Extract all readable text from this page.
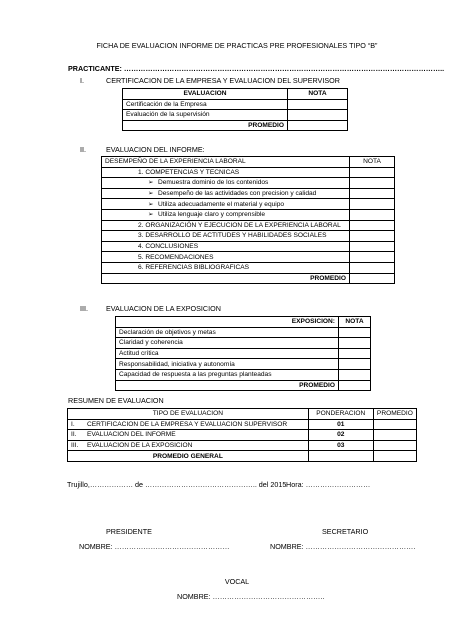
FICHA DE EVALUACION INFORME DE PRACTICAS PRE PROFESIONALES TIPO “B”
PRACTICANTE: ……………………………………………………………………………………………………………………..
I.	CERTIFICACION DE LA EMPRESA Y EVALUACION DEL SUPERVISOR
EVALUACION	NOTA
Certificación de la Empresa	
Evaluación de la supervisión	
PROMEDIO	
II.	EVALUACION DEL INFORME:
DESEMPEÑO DE LA EXPERIENCIA LABORAL	NOTA
1. COMPETENCIAS Y TECNICAS	
➢ Demuestra dominio de los contenidos	
➢ Desempeño de las actividades con precision y calidad	
➢ Utiliza adecuadamente el material y equipo	
➢ Utiliza lenguaje claro y comprensible	
2. ORGANIZACIÓN Y EJECUCION DE LA EXPERIENCIA LABORAL	
3. DESARROLLO DE ACTITUDES Y HABILIDADES SOCIALES	
4. CONCLUSIONES	
5. RECOMENDACIONES	
6. REFERENCIAS BIBLIOGRAFICAS	
PROMEDIO	
III.	EVALUACION DE LA EXPOSICION
EXPOSICION:	NOTA
Declaración de objetivos y metas	
Claridad y coherencia	
Actitud crítica	
Responsabilidad, iniciativa y autonomía	
Capacidad de respuesta a las preguntas planteadas	
PROMEDIO	
RESUMEN DE EVALUACION
TIPO DE EVALUACION		PONDERACION	PROMEDIO
I.	CERTIFICACION DE LA EMPRESA Y EVALUACION SUPERVISOR	01	
II.	EVALUACION DEL INFORME	02	
III.	EVALUACION DE LA EXPOSICION	03	
PROMEDIO GENERAL			
Trujillo,……………… de ……………………………………….. del 2015 Hora: ………………………
PRESIDENTE	SECRETARIO
NOMBRE: …………………………………………	NOMBRE: ……………………………………….
VOCAL
NOMBRE: ………………………………………..
